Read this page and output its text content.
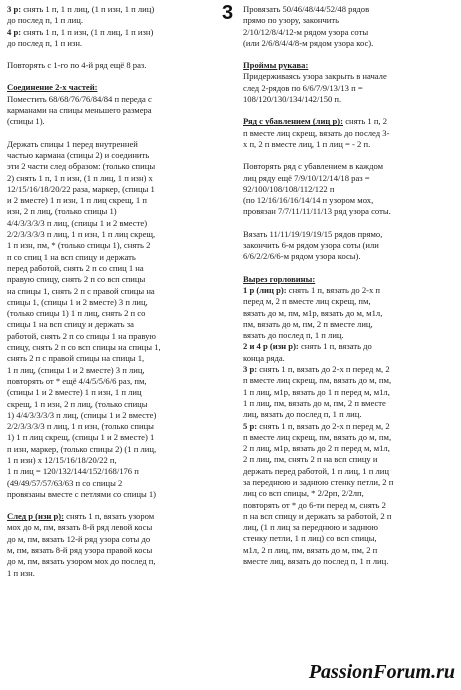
3 р: снять 1 п, 1 п лиц, (1 п изн, 1 п лиц)
до послед п, 1 п лиц.
4 р: снять 1 п, 1 п изн, (1 п лиц, 1 п изн)
до послед п, 1 п изн.
Повторять с 1-го по 4-й ряд ещё 8 раз.
Соединение 2-х частей:
Поместить 68/68/76/76/84/84 п переда с
карманами на спицы меньшего размера
(спицы 1).
Держать спицы 1 перед внутренней
частью кармана (спицы 2) и соединить
эти 2 части след образом: (только спицы
2) снять 1 п, 1 п изн, (1 п лиц, 1 п изн) х
12/15/16/18/20/22 раза, маркер, (спицы 1
и 2 вместе) 1 п изн, 1 п лиц скрещ, 1 п
изн, 2 п лиц, (только спицы 1)
4/4/3/3/3/3 п лиц, (спицы 1 и 2 вместе)
2/2/3/3/3/3 п лиц, 1 п изн, 1 п лиц скрещ,
1 п изн, пм, * (только спицы 1), снять 2
п со спиц 1 на всп спицу и держать
перед работой, снять 2 п со спиц 1 на
правую спицу, снять 2 п со всп спицы
на спицы 1, снять 2 п с правой спицы на
спицы 1, (спицы 1 и 2 вместе) 3 п лиц,
(только спицы 1) 1 п лиц, снять 2 п со
спицы 1 на всп спицу и держать за
работой, снять 2 п со спицы 1 на правую
спицу, снять 2 п со всп спицы на спицы 1,
снять 2 п с правой спицы на спицы 1,
1 п лиц, (спицы 1 и 2 вместе) 3 п лиц,
повторять от * ещё 4/4/5/5/6/6 раз, пм,
(спицы 1 и 2 вместе) 1 п изн, 1 п лиц
скрещ, 1 п изн, 2 п лиц, (только спицы
1) 4/4/3/3/3/3 п лиц, (спицы 1 и 2 вместе)
2/2/3/3/3/3 п лиц, 1 п изн, (только спицы
1) 1 п лиц скрещ, (спицы 1 и 2 вместе) 1
п изн, маркер, (только спицы 2) (1 п лиц,
1 п изн) х 12/15/16/18/20/22 п,
1 п лиц = 120/132/144/152/168/176 п
(49/49/57/57/63/63 п со спицы 2
провязаны вместе с петлями со спицы 1)
След р (изн р): снять 1 п, вязать узором
мох до м, пм, вязать 8-й ряд левой косы
до м, пм, вязать 12-й ряд узора соты до
м, пм, вязать 8-й ряд узора правой косы
до м, пм, вязать узором мох до послед п,
1 п изн.
3 Провязать 50/46/48/44/52/48 рядов
прямо по узору, закончить
2/10/12/8/4/12-м рядом узора соты
(или 2/6/8/4/4/8-м рядом узора кос).
Проймы рукава:
Придерживаясь узора закрыть в начале
след 2-рядов по 6/6/7/9/13/13 п =
108/120/130/134/142/150 п.
Ряд с убавлением (лиц р): снять 1 п, 2
п вместе лиц скрещ, вязать до послед 3-
х п, 2 п вместе лиц, 1 п лиц = - 2 п.
Повторять ряд с убавлением в каждом
лиц ряду ещё 7/9/10/12/14/18 раз =
92/100/108/108/112/122 п
(по 12/16/16/16/14/14 п узором мох,
провязан 7/7/11/11/11/13 ряд узора соты.
Вязать 11/11/19/19/19/15 рядов прямо,
закончить 6-м рядом узора соты (или
6/6/2/2/6/6-м рядом узора косы).
Вырез горловины:
1 р (лиц р): снять 1 п, вязать до 2-х п
перед м, 2 п вместе лиц скрещ, пм,
вязать до м, пм, м1р, вязать до м, м1л,
пм, вязать до м, пм, 2 п вместе лиц,
вязать до послед п, 1 п лиц.
2 и 4 р (изн р): снять 1 п, вязать до
конца ряда.
3 р: снять 1 п, вязать до 2-х п перед м, 2
п вместе лиц скрещ, пм, вязать до м, пм,
1 п лиц, м1р, вязать до 1 п перед м, м1л,
1 п лиц, пм, вязать до м, пм, 2 п вместе
лиц, вязать до послед п, 1 п лиц.
5 р: снять 1 п, вязать до 2-х п перед м, 2
п вместе лиц скрещ, пм, вязать до м, пм,
2 п лиц, м1р, вязать до 2 п перед м, м1л,
2 п лиц, пм, снять 2 п на всп спицу и
держать перед работой, 1 п лиц, 1 п лиц
за переднюю и заднюю стенку петли, 2 п
лиц со всп спицы, * 2/2рп, 2/2лп,
повторять от * до 6-ти перед м, снять 2
п на всп спицу и держать за работой, 2 п
лиц, (1 п лиц за переднюю и заднюю
стенку петли, 1 п лиц) со всп спицы,
м1л, 2 п лиц, пм, вязать до м, пм, 2 п
вместе лиц, вязать до послед п, 1 п лиц.
PassionForum.ru
